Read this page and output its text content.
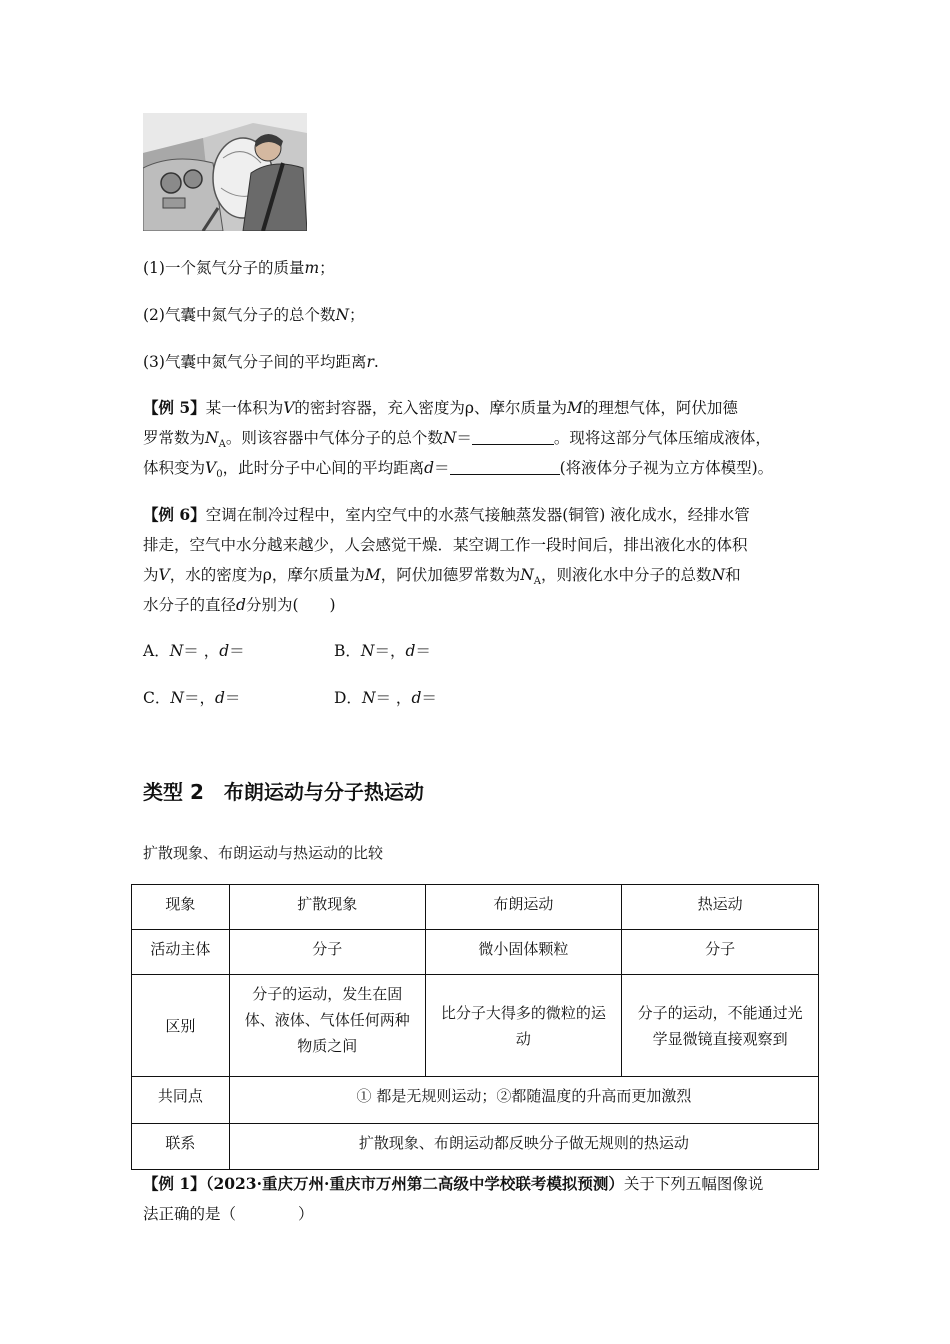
(1)一个氮气分子的质量m；
(2)气囊中氮气分子的总个数N；
(3)气囊中氮气分子间的平均距离r.
【例 5】某一体积为V的密封容器，充入密度为ρ、摩尔质量为M的理想气体，阿伏加德
罗常数为$N_A$。则该容器中气体分子的总个数N＝	。现将这部分气体压缩成液体，
体积变为$V_0$，此时分子中心间的平均距离d＝	(将液体分子视为立方体模型)。
【例 6】空调在制冷过程中，室内空气中的水蒸气接触蒸发器(铜管) 液化成水，经排水管
排走，空气中水分越来越少，人会感觉干燥．某空调工作一段时间后，排出液化水的体积
为V，水的密度为ρ，摩尔质量为M，阿伏加德罗常数为$N_A$，则液化水中分子的总数N和
水分子的直径d分别为(　　)
A．N＝ ，d＝	B．N＝，d＝
C．N＝，d＝	D．N＝ ，d＝
类型 2　布朗运动与分子热运动
扩散现象、布朗运动与热运动的比较
现象	扩散现象	布朗运动	热运动
活动主体	分子	微小固体颗粒	分子
区别	分子的运动，发生在固体、液体、气体任何两种物质之间	比分子大得多的微粒的运动	分子的运动，不能通过光学显微镜直接观察到
共同点	① 都是无规则运动；②都随温度的升高而更加激烈		
联系	扩散现象、布朗运动都反映分子做无规则的热运动		
【例 1】（2023·重庆万州·重庆市万州第二高级中学校联考模拟预测）关于下列五幅图像说
法正确的是（　　　　）
